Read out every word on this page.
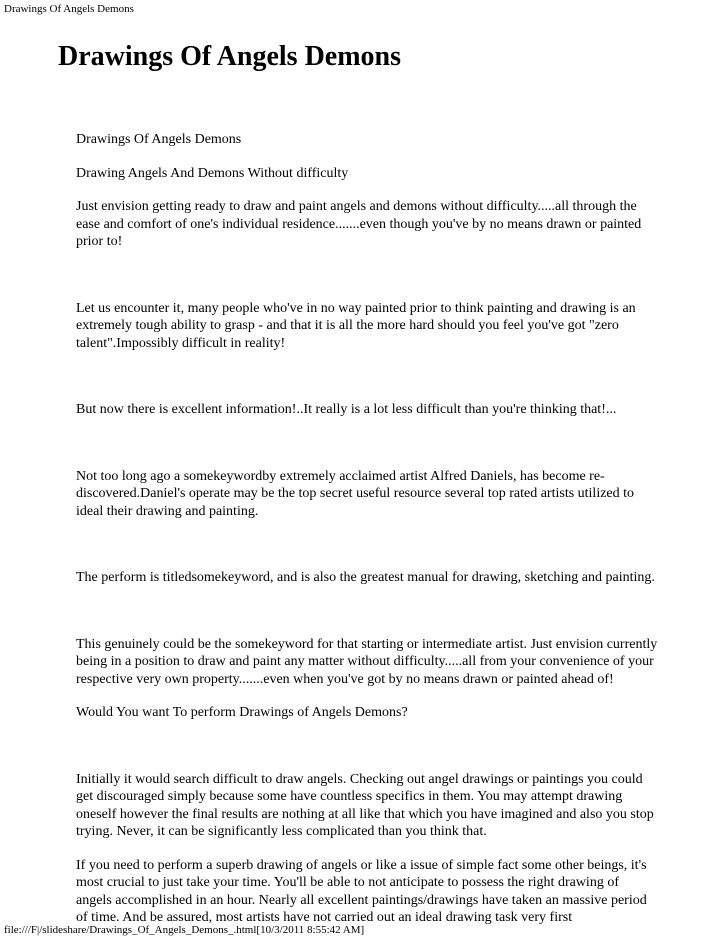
Drawings Of Angels Demons
Drawings Of Angels Demons

Drawings Of Angels Demons

Drawing Angels And Demons Without difficulty

Just envision getting ready to draw and paint angels and demons without difficulty.....all through the ease and comfort of one's individual residence.......even though you've by no means drawn or painted prior to!

Let us encounter it, many people who've in no way painted prior to think painting and drawing is an extremely tough ability to grasp - and that it is all the more hard should you feel you've got "zero talent".Impossibly difficult in reality!

But now there is excellent information!..It really is a lot less difficult than you're thinking that!...

Not too long ago a somekeywordby extremely acclaimed artist Alfred Daniels, has become re-discovered.Daniel's operate may be the top secret useful resource several top rated artists utilized to ideal their drawing and painting.

The perform is titledsomekeyword, and is also the greatest manual for drawing, sketching and painting.

This genuinely could be the somekeyword for that starting or intermediate artist. Just envision currently being in a position to draw and paint any matter without difficulty.....all from your convenience of your respective very own property.......even when you've got by no means drawn or painted ahead of!

Would You want To perform Drawings of Angels Demons?

Initially it would search difficult to draw angels. Checking out angel drawings or paintings you could get discouraged simply because some have countless specifics in them. You may attempt drawing oneself however the final results are nothing at all like that which you have imagined and also you stop trying. Never, it can be significantly less complicated than you think that.

If you need to perform a superb drawing of angels or like a issue of simple fact some other beings, it's most crucial to just take your time. You'll be able to not anticipate to possess the right drawing of angels accomplished in an hour. Nearly all excellent paintings/drawings have taken an massive period of time. And be assured, most artists have not carried out an ideal drawing task very first

file:///F|/slideshare/Drawings_Of_Angels_Demons_.html[10/3/2011 8:55:42 AM]
